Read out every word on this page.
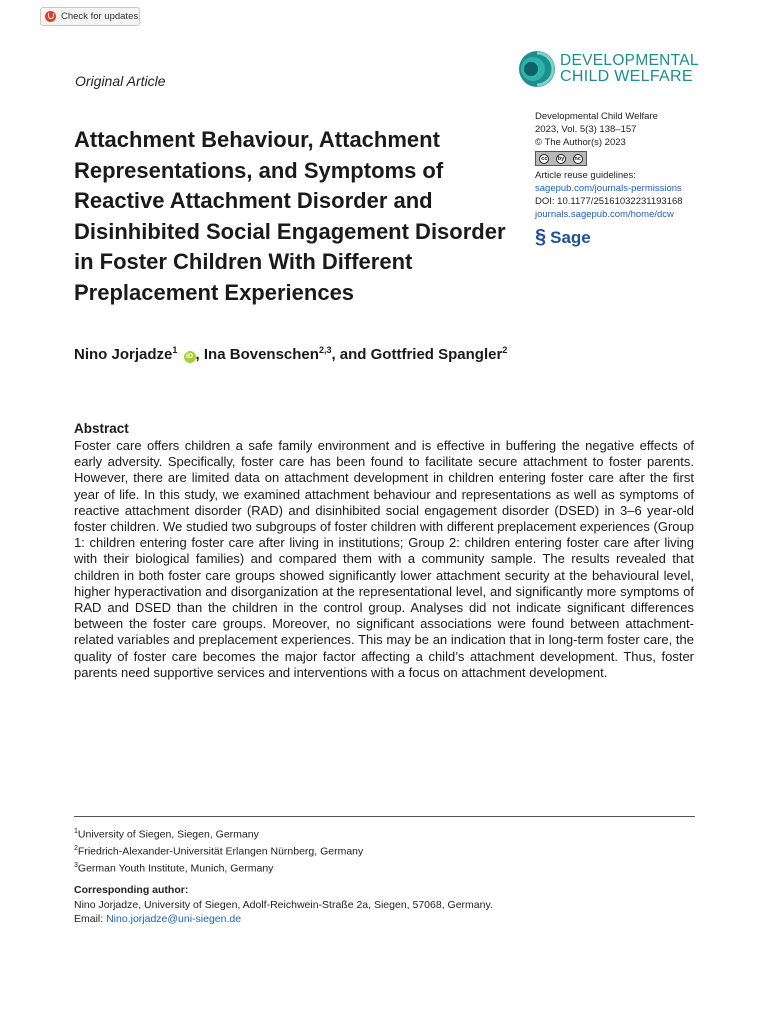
Check for updates
DEVELOPMENTAL
CHILD WELFARE
Original Article
Attachment Behaviour, Attachment Representations, and Symptoms of Reactive Attachment Disorder and Disinhibited Social Engagement Disorder in Foster Children With Different Preplacement Experiences
Developmental Child Welfare
2023, Vol. 5(3) 138–157
© The Author(s) 2023
cc	by	nc
Article reuse guidelines:
sagepub.com/journals-permissions
DOI: 10.1177/25161032231193168
journals.sagepub.com/home/dcw
§ Sage
Nino Jorjadze$^1$ iD , Ina Bovenschen$^{2,3}$, and Gottfried Spangler$^2$
Abstract

Foster care offers children a safe family environment and is effective in buffering the negative effects of early adversity. Specifically, foster care has been found to facilitate secure attachment to foster parents. However, there are limited data on attachment development in children entering foster care after the first year of life. In this study, we examined attachment behaviour and representations as well as symptoms of reactive attachment disorder (RAD) and disinhibited social engagement disorder (DSED) in 3–6 year-old foster children. We studied two subgroups of foster children with different preplacement experiences (Group 1: children entering foster care after living in institutions; Group 2: children entering foster care after living with their biological families) and compared them with a community sample. The results revealed that children in both foster care groups showed significantly lower attachment security at the behavioural level, higher hyperactivation and disorganization at the representational level, and significantly more symptoms of RAD and DSED than the children in the control group. Analyses did not indicate significant differences between the foster care groups. Moreover, no significant associations were found between attachment-related variables and preplacement experiences. This may be an indication that in long-term foster care, the quality of foster care becomes the major factor affecting a child’s attachment development. Thus, foster parents need supportive services and interventions with a focus on attachment development.

$^1$University of Siegen, Siegen, Germany
$^2$Friedrich-Alexander-Universität Erlangen Nürnberg, Germany
$^3$German Youth Institute, Munich, Germany
Corresponding author:
Nino Jorjadze, University of Siegen, Adolf-Reichwein-Straße 2a, Siegen, 57068, Germany.
Email: Nino.jorjadze@uni-siegen.de
